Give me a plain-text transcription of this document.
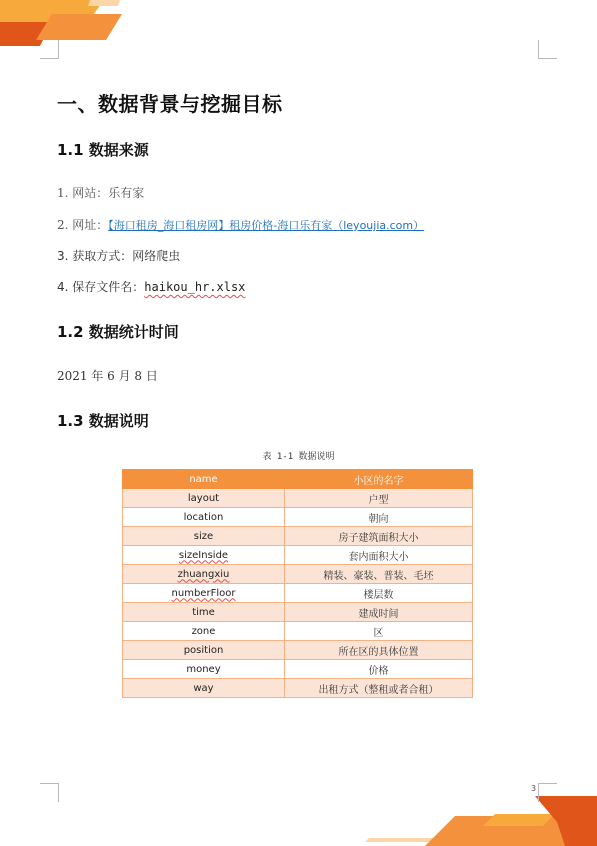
一、数据背景与挖掘目标
1.1 数据来源

1. 网站：乐有家

2. 网址：【海口租房_海口租房网】租房价格-海口乐有家（leyoujia.com）

3. 获取方式：网络爬虫

4. 保存文件名：haikou_hr.xlsx

1.2 数据统计时间

2021 年 6 月 8 日

1.3 数据说明
表 1-1 数据说明
name	小区的名字
layout	户型
location	朝向
size	房子建筑面积大小
sizeInside	套内面积大小
zhuangxiu	精装、豪装、普装、毛坯
numberFloor	楼层数
time	建成时间
zone	区
position	所在区的具体位置
money	价格
way	出租方式（整租或者合租）
3
